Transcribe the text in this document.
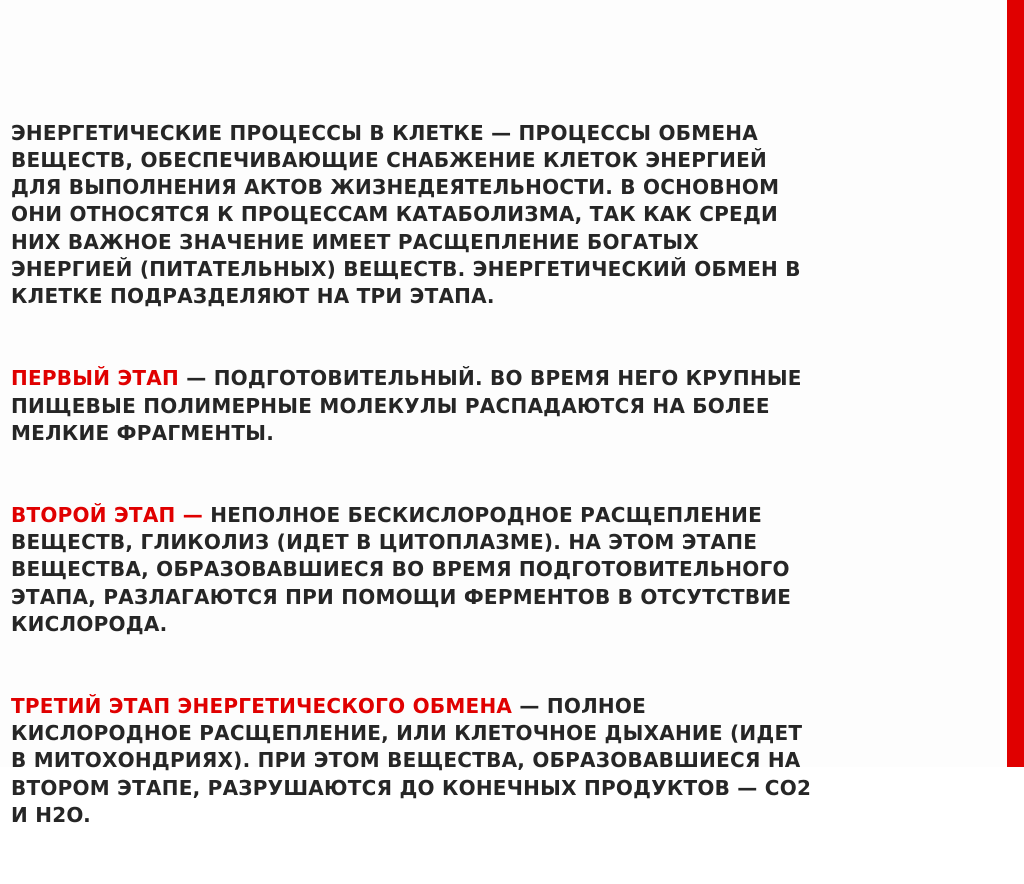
ЭНЕРГЕТИЧЕСКИЕ ПРОЦЕССЫ В КЛЕТКЕ — ПРОЦЕССЫ ОБМЕНА
ВЕЩЕСТВ, ОБЕСПЕЧИВАЮЩИЕ СНАБЖЕНИЕ КЛЕТОК ЭНЕРГИЕЙ
ДЛЯ ВЫПОЛНЕНИЯ АКТОВ ЖИЗНЕДЕЯТЕЛЬНОСТИ. В ОСНОВНОМ
ОНИ ОТНОСЯТСЯ К ПРОЦЕССАМ КАТАБОЛИЗМА, ТАК КАК СРЕДИ
НИХ ВАЖНОЕ ЗНАЧЕНИЕ ИМЕЕТ РАСЩЕПЛЕНИЕ БОГАТЫХ
ЭНЕРГИЕЙ (ПИТАТЕЛЬНЫХ) ВЕЩЕСТВ. ЭНЕРГЕТИЧЕСКИЙ ОБМЕН В
КЛЕТКЕ ПОДРАЗДЕЛЯЮТ НА ТРИ ЭТАПА.

ПЕРВЫЙ ЭТАП — ПОДГОТОВИТЕЛЬНЫЙ. ВО ВРЕМЯ НЕГО КРУПНЫЕ
ПИЩЕВЫЕ ПОЛИМЕРНЫЕ МОЛЕКУЛЫ РАСПАДАЮТСЯ НА БОЛЕЕ
МЕЛКИЕ ФРАГМЕНТЫ.

ВТОРОЙ ЭТАП — НЕПОЛНОЕ БЕСКИСЛОРОДНОЕ РАСЩЕПЛЕНИЕ
ВЕЩЕСТВ, ГЛИКОЛИЗ (ИДЕТ В ЦИТОПЛАЗМЕ). НА ЭТОМ ЭТАПЕ
ВЕЩЕСТВА, ОБРАЗОВАВШИЕСЯ ВО ВРЕМЯ ПОДГОТОВИТЕЛЬНОГО
ЭТАПА, РАЗЛАГАЮТСЯ ПРИ ПОМОЩИ ФЕРМЕНТОВ В ОТСУТСТВИЕ
КИСЛОРОДА.

ТРЕТИЙ ЭТАП ЭНЕРГЕТИЧЕСКОГО ОБМЕНА — ПОЛНОЕ
КИСЛОРОДНОЕ РАСЩЕПЛЕНИЕ, ИЛИ КЛЕТОЧНОЕ ДЫХАНИЕ (ИДЕТ
В МИТОХОНДРИЯХ). ПРИ ЭТОМ ВЕЩЕСТВА, ОБРАЗОВАВШИЕСЯ НА
ВТОРОМ ЭТАПЕ, РАЗРУШАЮТСЯ ДО КОНЕЧНЫХ ПРОДУКТОВ — CO2
И H2O.
